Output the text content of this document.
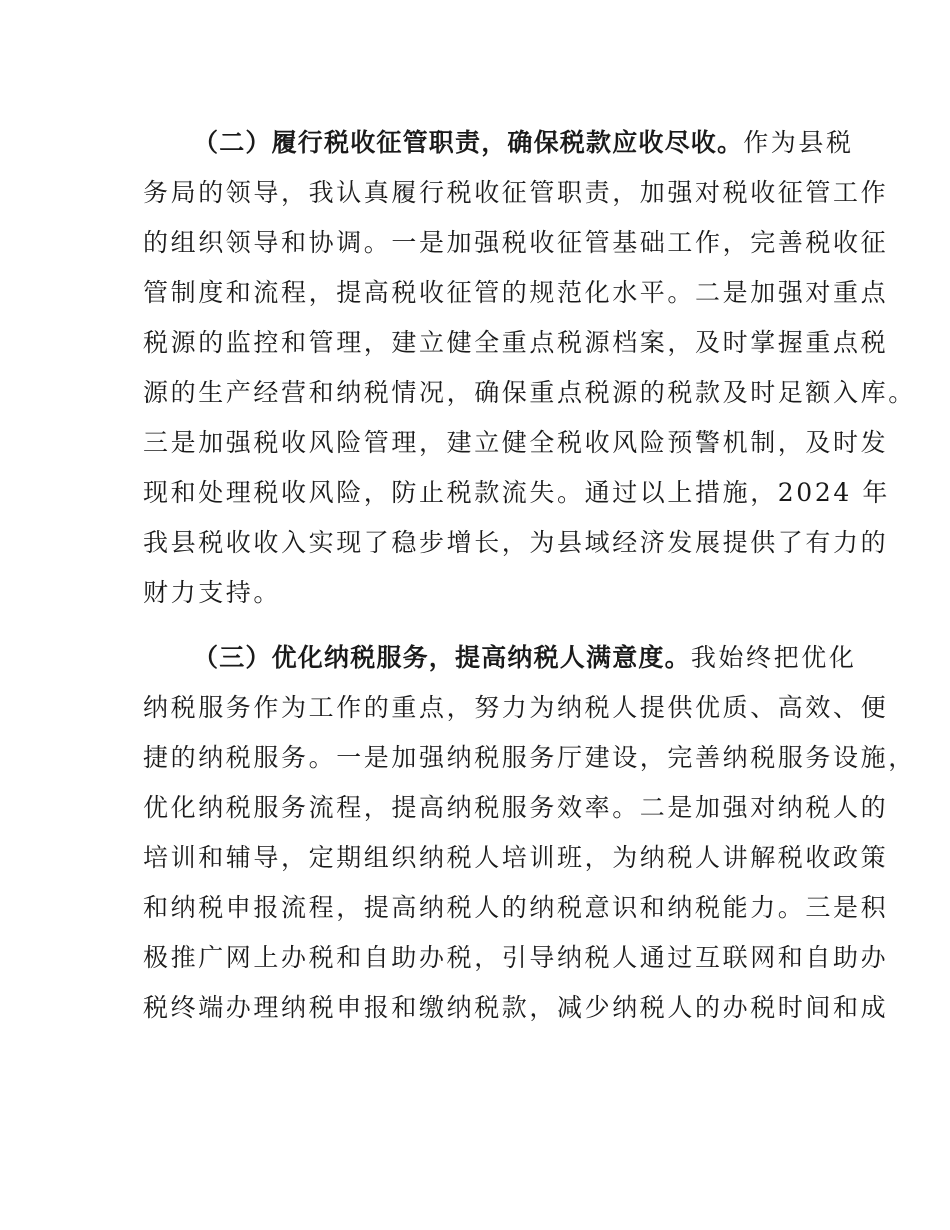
（二）履行税收征管职责，确保税款应收尽收。作为县税
务局的领导，我认真履行税收征管职责，加强对税收征管工作
的组织领导和协调。一是加强税收征管基础工作，完善税收征
管制度和流程，提高税收征管的规范化水平。二是加强对重点
税源的监控和管理，建立健全重点税源档案，及时掌握重点税
源的生产经营和纳税情况，确保重点税源的税款及时足额入库。
三是加强税收风险管理，建立健全税收风险预警机制，及时发
现和处理税收风险，防止税款流失。通过以上措施，2024 年
我县税收收入实现了稳步增长，为县域经济发展提供了有力的
财力支持。
（三）优化纳税服务，提高纳税人满意度。我始终把优化
纳税服务作为工作的重点，努力为纳税人提供优质、高效、便
捷的纳税服务。一是加强纳税服务厅建设，完善纳税服务设施，
优化纳税服务流程，提高纳税服务效率。二是加强对纳税人的
培训和辅导，定期组织纳税人培训班，为纳税人讲解税收政策
和纳税申报流程，提高纳税人的纳税意识和纳税能力。三是积
极推广网上办税和自助办税，引导纳税人通过互联网和自助办
税终端办理纳税申报和缴纳税款，减少纳税人的办税时间和成
